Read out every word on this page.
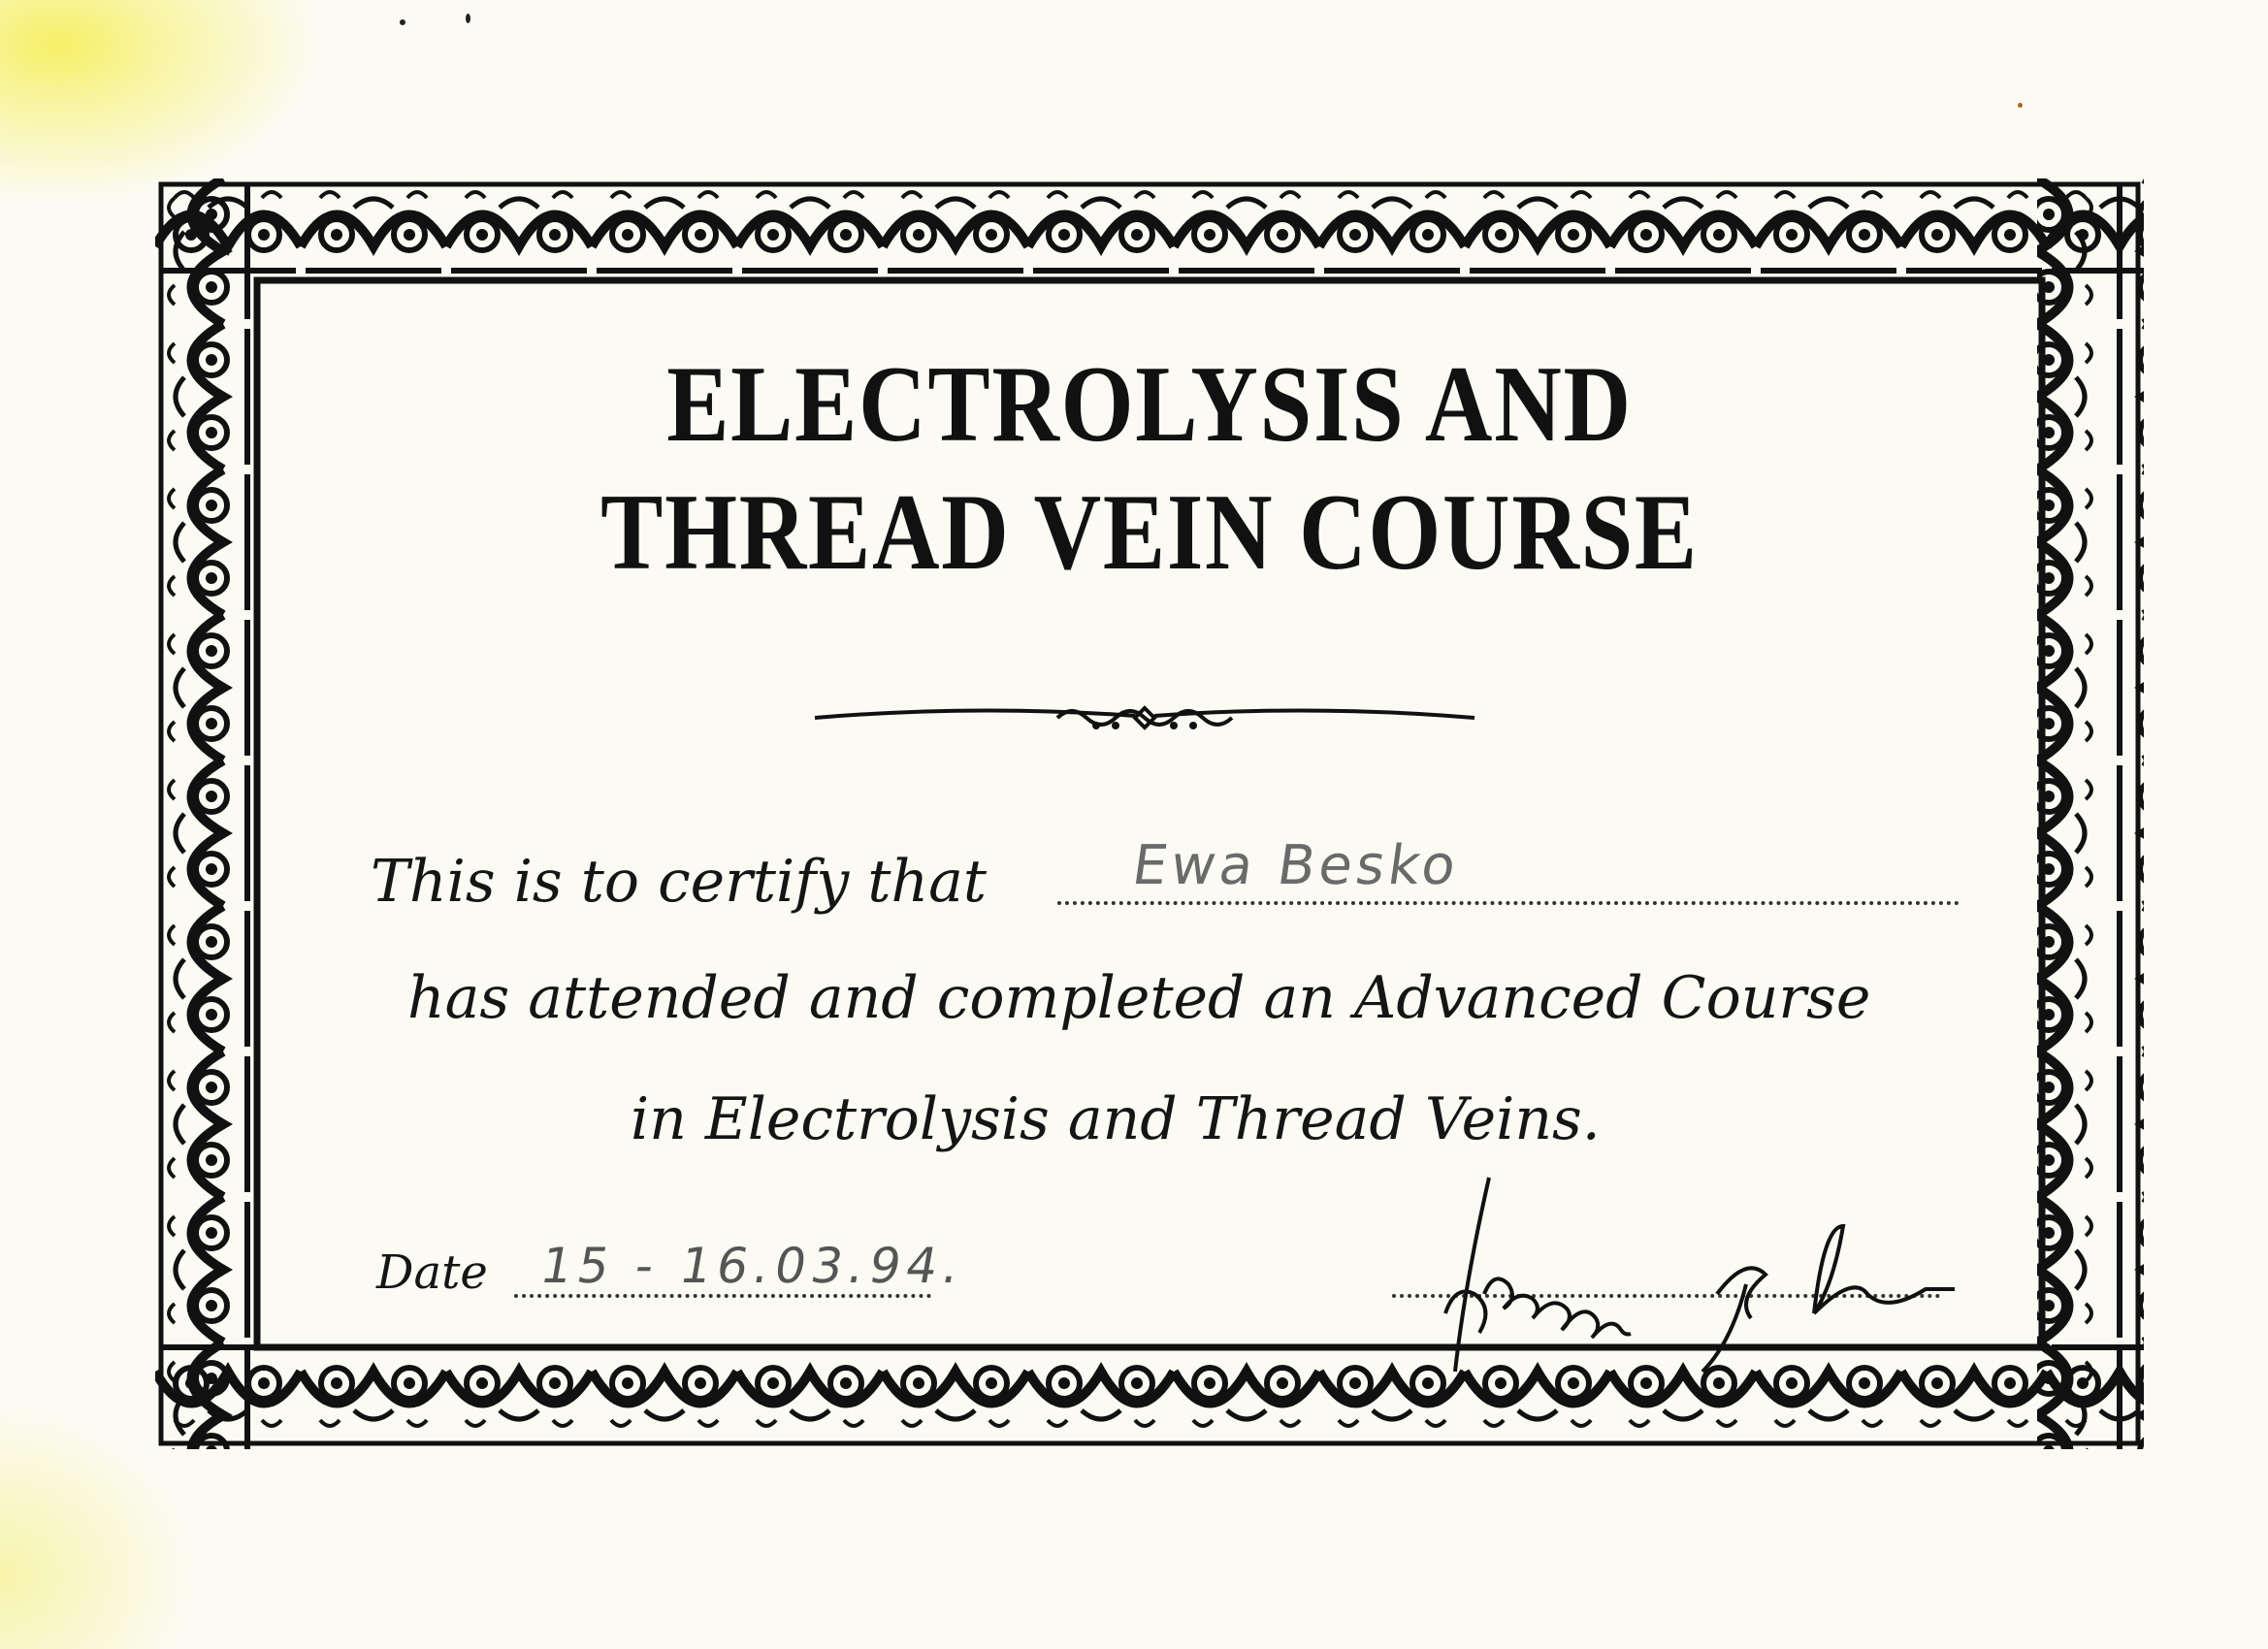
ELECTROLYSIS AND
THREAD VEIN COURSE
This is to certify that	Ewa Besko
has attended and completed an Advanced Course
in Electrolysis and Thread Veins.
Date 15 - 16.03.94.
